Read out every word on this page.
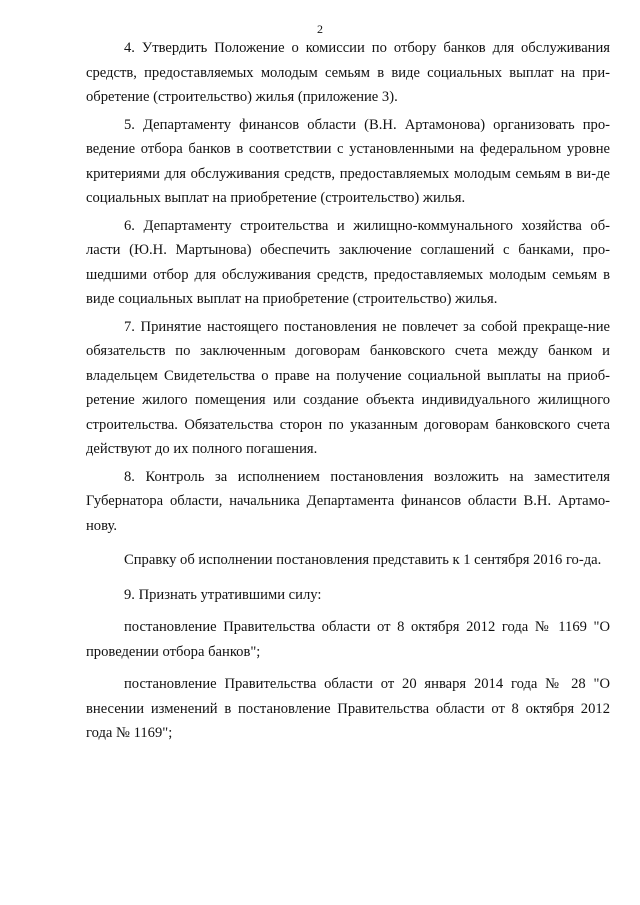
2

4. Утвердить Положение о комиссии по отбору банков для обслуживания средств, предоставляемых молодым семьям в виде социальных выплат на при-обретение (строительство) жилья (приложение 3).

5. Департаменту финансов области (В.Н. Артамонова) организовать про-ведение отбора банков в соответствии с установленными на федеральном уровне критериями для обслуживания средств, предоставляемых молодым семьям в ви-де социальных выплат на приобретение (строительство) жилья.

6. Департаменту строительства и жилищно-коммунального хозяйства об-ласти (Ю.Н. Мартынова) обеспечить заключение соглашений с банками, про-шедшими отбор для обслуживания средств, предоставляемых молодым семьям в виде социальных выплат на приобретение (строительство) жилья.

7. Принятие настоящего постановления не повлечет за собой прекраще-ние обязательств по заключенным договорам банковского счета между банком и владельцем Свидетельства о праве на получение социальной выплаты на приоб-ретение жилого помещения или создание объекта индивидуального жилищного строительства. Обязательства сторон по указанным договорам банковского счета действуют до их полного погашения.

8. Контроль за исполнением постановления возложить на заместителя Губернатора области, начальника Департамента финансов области В.Н. Артамо-нову.

Справку об исполнении постановления представить к 1 сентября 2016 го-да.

9. Признать утратившими силу:

постановление Правительства области от 8 октября 2012 года № 1169 "О проведении отбора банков";

постановление Правительства области от 20 января 2014 года № 28 "О внесении изменений в постановление Правительства области от 8 октября 2012 года № 1169";
